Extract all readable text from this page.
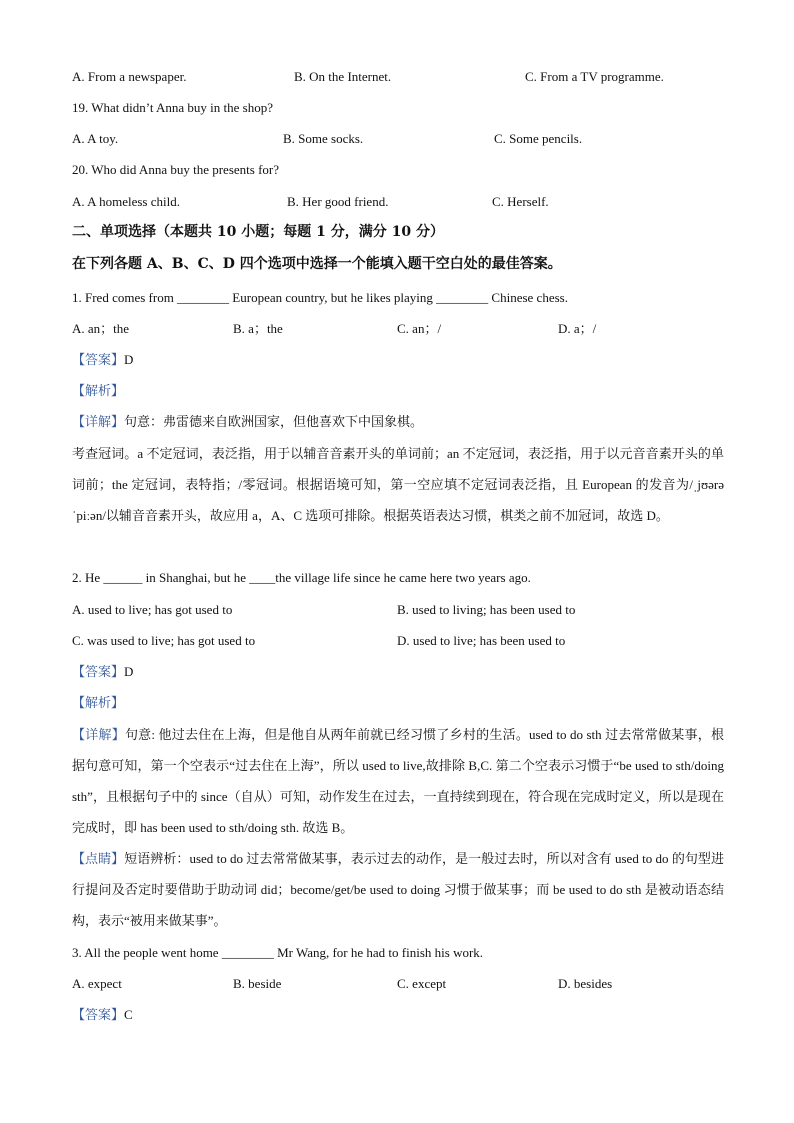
A. From a newspaper.	B. On the Internet.	C. From a TV programme.
19. What didn’t Anna buy in the shop?
A. A toy.	B. Some socks.	C. Some pencils.
20. Who did Anna buy the presents for?
A. A homeless child.	B. Her good friend.	C. Herself.
二、单项选择（本题共 10 小题；每题 1 分，满分 10 分）
在下列各题 A、B、C、D 四个选项中选择一个能填入题干空白处的最佳答案。
1. Fred comes from ________ European country, but he likes playing ________ Chinese chess.
A. an；the	B. a；the	C. an；/	D. a；/
【答案】D
【解析】
【详解】句意：弗雷德来自欧洲国家，但他喜欢下中国象棋。

考查冠词。a 不定冠词，表泛指，用于以辅音音素开头的单词前；an 不定冠词，表泛指，用于以元音音素开头的单词前；the 定冠词，表特指；/零冠词。根据语境可知，第一空应填不定冠词表泛指，且 European 的发音为/ˌjʊərəˈpiːən/以辅音音素开头，故应用 a，A、C 选项可排除。根据英语表达习惯，棋类之前不加冠词，故选 D。

2. He ______ in Shanghai, but he ____the village life since he came here two years ago.
A. used to live; has got used to	B. used to living; has been used to
C. was used to live; has got used to	D. used to live; has been used to
【答案】D
【解析】

【详解】句意: 他过去住在上海，但是他自从两年前就已经习惯了乡村的生活。used to do sth 过去常常做某事，根据句意可知，第一个空表示“过去住在上海”，所以 used to live,故排除 B,C. 第二个空表示习惯于“be used to sth/doing sth”，且根据句子中的 since（自从）可知，动作发生在过去，一直持续到现在，符合现在完成时定义，所以是现在完成时，即 has been used to sth/doing sth. 故选 B。

【点睛】短语辨析：used to do 过去常常做某事，表示过去的动作，是一般过去时，所以对含有 used to do 的句型进行提问及否定时要借助于助动词 did；become/get/be used to doing 习惯于做某事；而 be used to do sth 是被动语态结构，表示“被用来做某事”。

3. All the people went home ________ Mr Wang, for he had to finish his work.
A. expect	B. beside	C. except	D. besides
【答案】C
